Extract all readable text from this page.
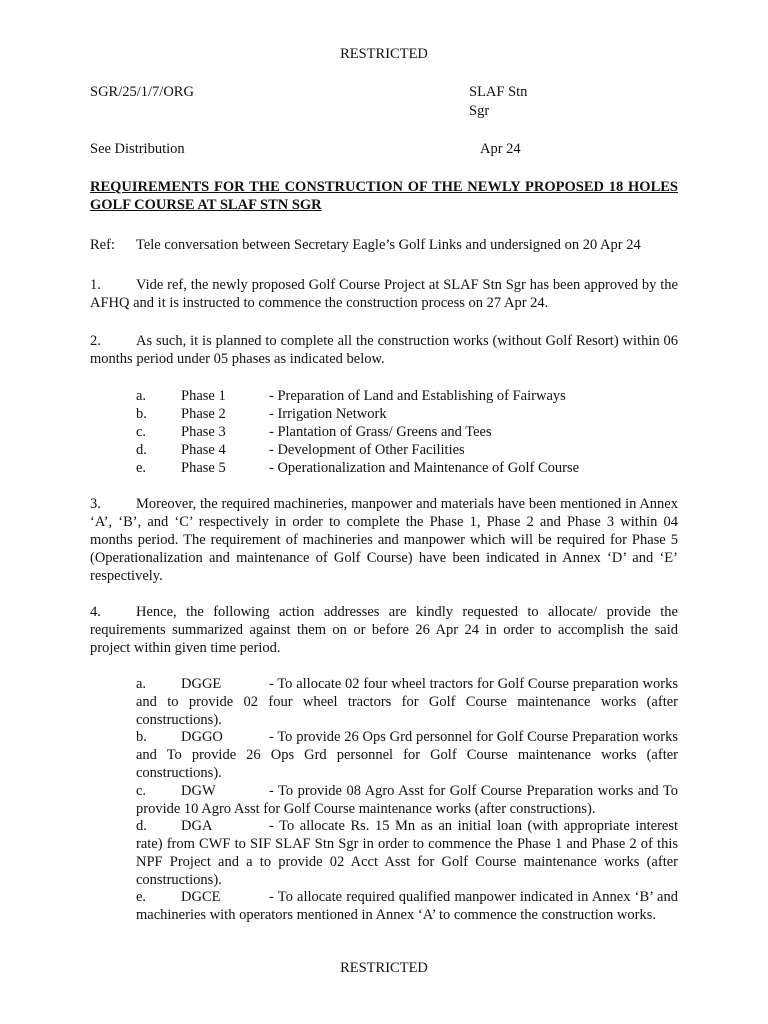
RESTRICTED
SGR/25/1/7/ORG	SLAF Stn
Sgr
See Distribution	Apr 24
REQUIREMENTS FOR THE CONSTRUCTION OF THE NEWLY PROPOSED 18 HOLES GOLF COURSE AT SLAF STN SGR
Ref: Tele conversation between Secretary Eagle’s Golf Links and undersigned on 20 Apr 24
1. Vide ref, the newly proposed Golf Course Project at SLAF Stn Sgr has been approved by the AFHQ and it is instructed to commence the construction process on 27 Apr 24.
2. As such, it is planned to complete all the construction works (without Golf Resort) within 06 months period under 05 phases as indicated below.
a. Phase 1	- Preparation of Land and Establishing of Fairways
b. Phase 2	- Irrigation Network
c. Phase 3	- Plantation of Grass/ Greens and Tees
d. Phase 4	- Development of Other Facilities
e. Phase 5	- Operationalization and Maintenance of Golf Course
3. Moreover, the required machineries, manpower and materials have been mentioned in Annex ‘A’, ‘B’, and ‘C’ respectively in order to complete the Phase 1, Phase 2 and Phase 3 within 04 months period. The requirement of machineries and manpower which will be required for Phase 5 (Operationalization and maintenance of Golf Course) have been indicated in Annex ‘D’ and ‘E’ respectively.
4. Hence, the following action addresses are kindly requested to allocate/ provide the requirements summarized against them on or before 26 Apr 24 in order to accomplish the said project within given time period.
a. DGGE	- To allocate 02 four wheel tractors for Golf Course preparation works and to provide 02 four wheel tractors for Golf Course maintenance works (after constructions).
b. DGGO	- To provide 26 Ops Grd personnel for Golf Course Preparation works and To provide 26 Ops Grd personnel for Golf Course maintenance works (after constructions).
c. DGW	- To provide 08 Agro Asst for Golf Course Preparation works and To provide 10 Agro Asst for Golf Course maintenance works (after constructions).
d. DGA	- To allocate Rs. 15 Mn as an initial loan (with appropriate interest rate) from CWF to SIF SLAF Stn Sgr in order to commence the Phase 1 and Phase 2 of this NPF Project and a to provide 02 Acct Asst for Golf Course maintenance works (after constructions).
e. DGCE	- To allocate required qualified manpower indicated in Annex ‘B’ and machineries with operators mentioned in Annex ‘A’ to commence the construction works.
RESTRICTED
